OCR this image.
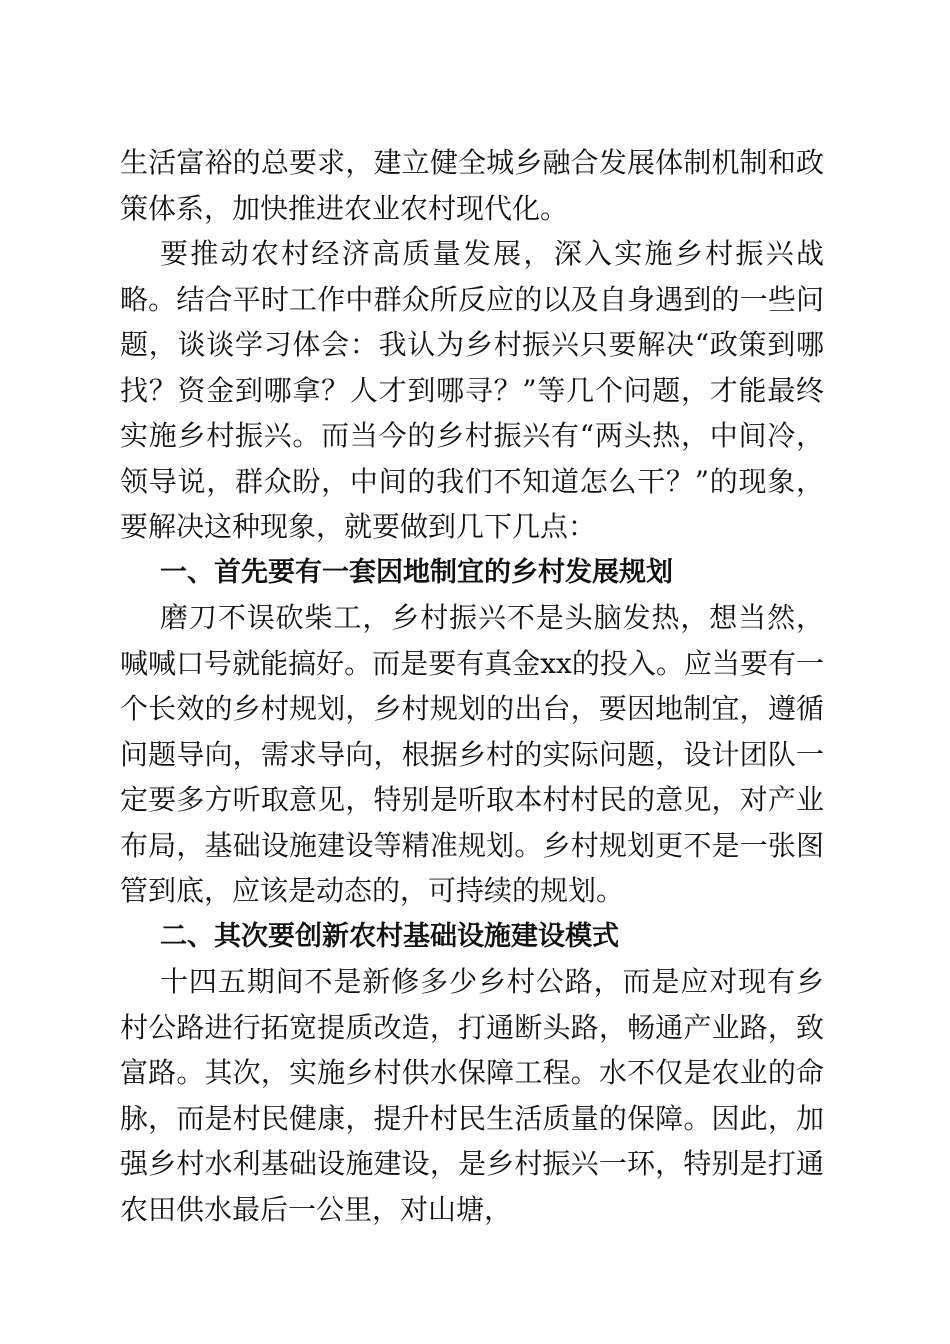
生活富裕的总要求，建立健全城乡融合发展体制机制和政策体系，加快推进农业农村现代化。

要推动农村经济高质量发展，深入实施乡村振兴战略。结合平时工作中群众所反应的以及自身遇到的一些问题，谈谈学习体会：我认为乡村振兴只要解决“政策到哪找？资金到哪拿？人才到哪寻？”等几个问题，才能最终实施乡村振兴。而当今的乡村振兴有“两头热，中间冷，领导说，群众盼，中间的我们不知道怎么干？”的现象，要解决这种现象，就要做到几下几点：

一、首先要有一套因地制宜的乡村发展规划

磨刀不误砍柴工，乡村振兴不是头脑发热，想当然，喊喊口号就能搞好。而是要有真金xx的投入。应当要有一个长效的乡村规划，乡村规划的出台，要因地制宜，遵循问题导向，需求导向，根据乡村的实际问题，设计团队一定要多方听取意见，特别是听取本村村民的意见，对产业布局，基础设施建设等精准规划。乡村规划更不是一张图管到底，应该是动态的，可持续的规划。

二、其次要创新农村基础设施建设模式

十四五期间不是新修多少乡村公路，而是应对现有乡村公路进行拓宽提质改造，打通断头路，畅通产业路，致富路。其次，实施乡村供水保障工程。水不仅是农业的命脉，而是村民健康，提升村民生活质量的保障。因此，加强乡村水利基础设施建设，是乡村振兴一环，特别是打通农田供水最后一公里，对山塘，
